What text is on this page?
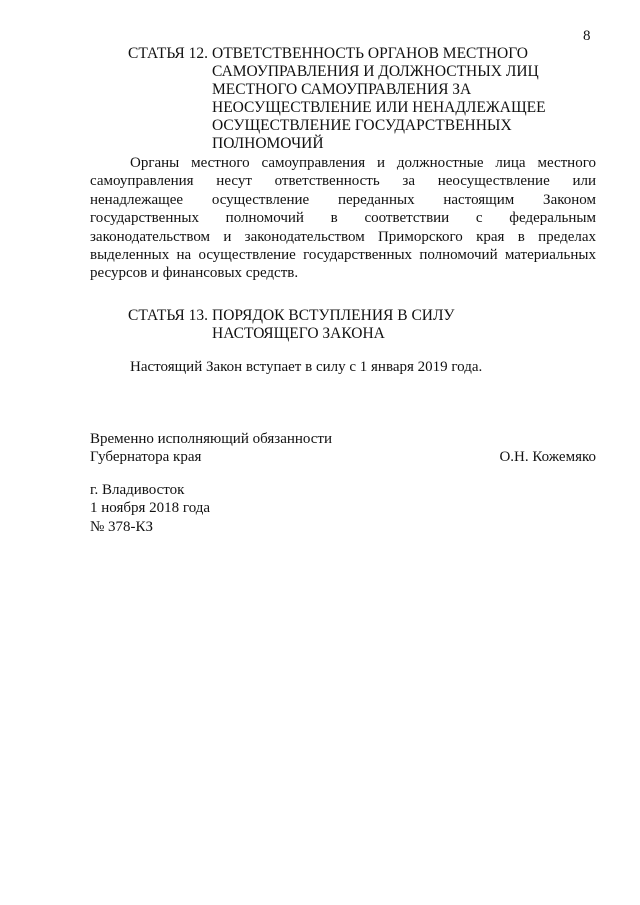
8
СТАТЬЯ 12. ОТВЕТСТВЕННОСТЬ ОРГАНОВ МЕСТНОГО
САМОУПРАВЛЕНИЯ И ДОЛЖНОСТНЫХ ЛИЦ
МЕСТНОГО САМОУПРАВЛЕНИЯ ЗА
НЕОСУЩЕСТВЛЕНИЕ ИЛИ НЕНАДЛЕЖАЩЕЕ
ОСУЩЕСТВЛЕНИЕ ГОСУДАРСТВЕННЫХ
ПОЛНОМОЧИЙ
Органы местного самоуправления и должностные лица местного
самоуправления несут ответственность за неосуществление или
ненадлежащее осуществление переданных настоящим Законом
государственных полномочий в соответствии с федеральным
законодательством и законодательством Приморского края в пределах
выделенных на осуществление государственных полномочий материальных
ресурсов и финансовых средств.
СТАТЬЯ 13. ПОРЯДОК ВСТУПЛЕНИЯ В СИЛУ
НАСТОЯЩЕГО ЗАКОНА
Настоящий Закон вступает в силу с 1 января 2019 года.
Временно исполняющий обязанности
Губернатора края	О.Н. Кожемяко
г. Владивосток
1 ноября 2018 года
№ 378-КЗ
